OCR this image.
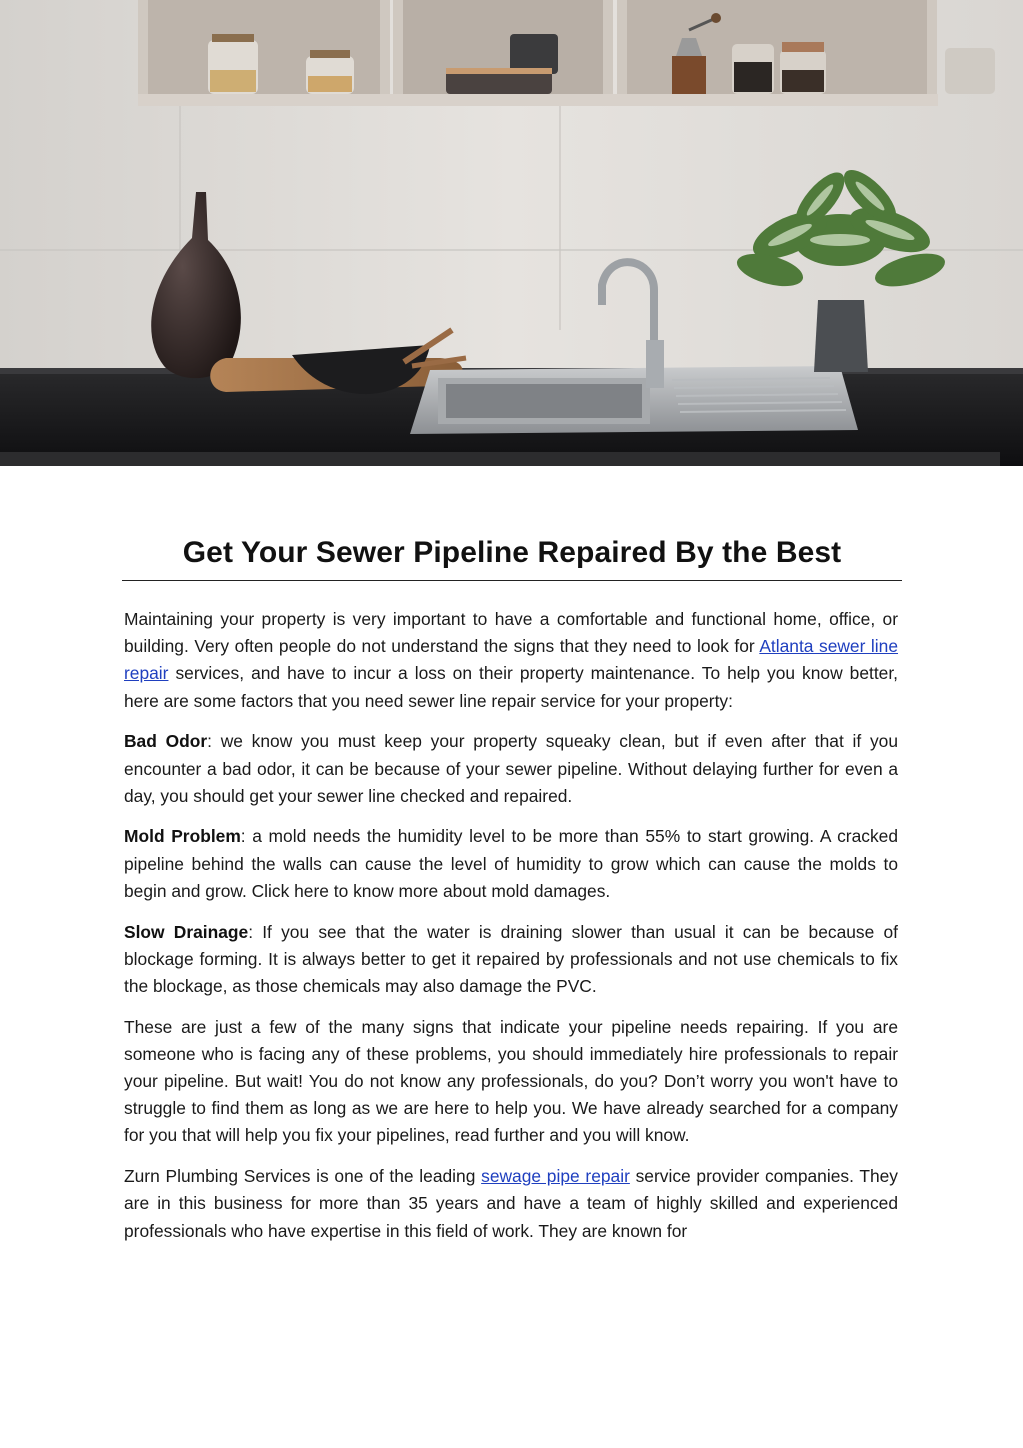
Get Your Sewer Pipeline Repaired By the Best

Maintaining your property is very important to have a comfortable and functional home, office, or building. Very often people do not understand the signs that they need to look for Atlanta sewer line repair services, and have to incur a loss on their property maintenance. To help you know better, here are some factors that you need sewer line repair service for your property:

Bad Odor: we know you must keep your property squeaky clean, but if even after that if you encounter a bad odor, it can be because of your sewer pipeline. Without delaying further for even a day, you should get your sewer line checked and repaired.

Mold Problem: a mold needs the humidity level to be more than 55% to start growing. A cracked pipeline behind the walls can cause the level of humidity to grow which can cause the molds to begin and grow. Click here to know more about mold damages.

Slow Drainage: If you see that the water is draining slower than usual it can be because of blockage forming. It is always better to get it repaired by professionals and not use chemicals to fix the blockage, as those chemicals may also damage the PVC.

These are just a few of the many signs that indicate your pipeline needs repairing. If you are someone who is facing any of these problems, you should immediately hire professionals to repair your pipeline. But wait! You do not know any professionals, do you? Don’t worry you won't have to struggle to find them as long as we are here to help you. We have already searched for a company for you that will help you fix your pipelines, read further and you will know.

Zurn Plumbing Services is one of the leading sewage pipe repair service provider companies. They are in this business for more than 35 years and have a team of highly skilled and experienced professionals who have expertise in this field of work. They are known for
